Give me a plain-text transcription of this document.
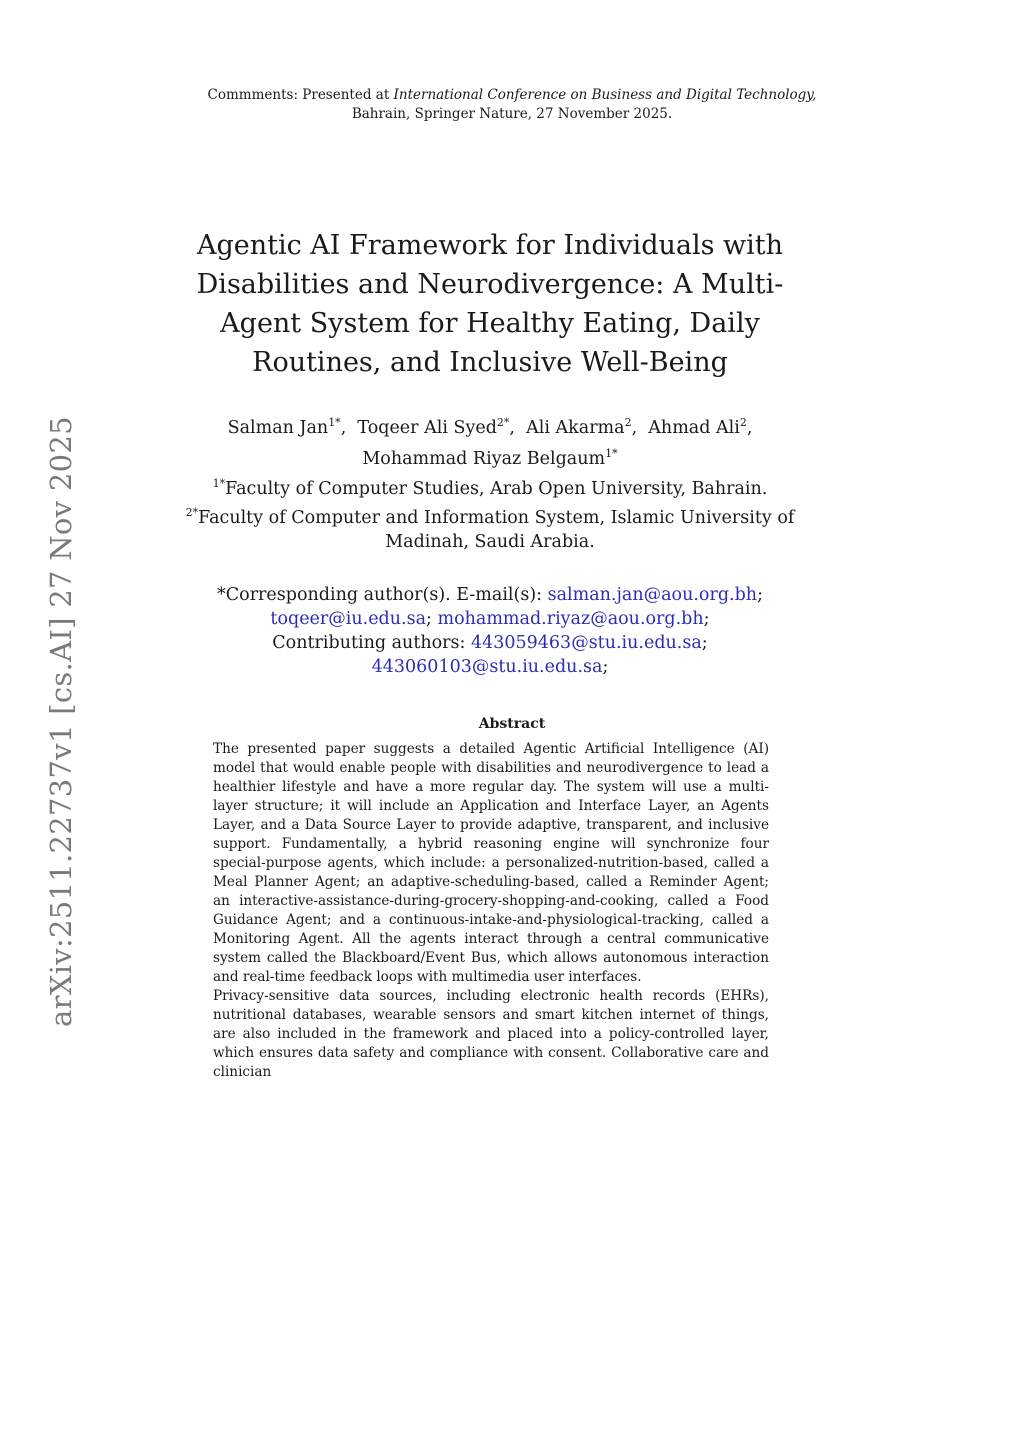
Commments: Presented at International Conference on Business and Digital Technology,
Bahrain, Springer Nature, 27 November 2025.
Agentic AI Framework for Individuals with Disabilities and Neurodivergence: A Multi-Agent System for Healthy Eating, Daily Routines, and Inclusive Well-Being
Salman Jan$^{1*}$,  Toqeer Ali Syed$^{2*}$,  Ali Akarma$^2$,  Ahmad Ali$^2$,
Mohammad Riyaz Belgaum$^{1*}$
$^{1*}$Faculty of Computer Studies, Arab Open University, Bahrain.
$^{2*}$Faculty of Computer and Information System, Islamic University of Madinah, Saudi Arabia.
*Corresponding author(s). E-mail(s): salman.jan@aou.org.bh;
toqeer@iu.edu.sa; mohammad.riyaz@aou.org.bh;
Contributing authors: 443059463@stu.iu.edu.sa;
443060103@stu.iu.edu.sa;
Abstract

The presented paper suggests a detailed Agentic Artificial Intelligence (AI) model that would enable people with disabilities and neurodivergence to lead a healthier lifestyle and have a more regular day. The system will use a multi-layer structure; it will include an Application and Interface Layer, an Agents Layer, and a Data Source Layer to provide adaptive, transparent, and inclusive support. Fundamentally, a hybrid reasoning engine will synchronize four special-purpose agents, which include: a personalized-nutrition-based, called a Meal Planner Agent; an adaptive-scheduling-based, called a Reminder Agent; an interactive-assistance-during-grocery-shopping-and-cooking, called a Food Guidance Agent; and a continuous-intake-and-physiological-tracking, called a Monitoring Agent. All the agents interact through a central communicative system called the Blackboard/Event Bus, which allows autonomous interaction and real-time feedback loops with multimedia user interfaces.

Privacy-sensitive data sources, including electronic health records (EHRs), nutritional databases, wearable sensors and smart kitchen internet of things, are also included in the framework and placed into a policy-controlled layer, which ensures data safety and compliance with consent. Collaborative care and clinician

arXiv:2511.22737v1 [cs.AI] 27 Nov 2025
